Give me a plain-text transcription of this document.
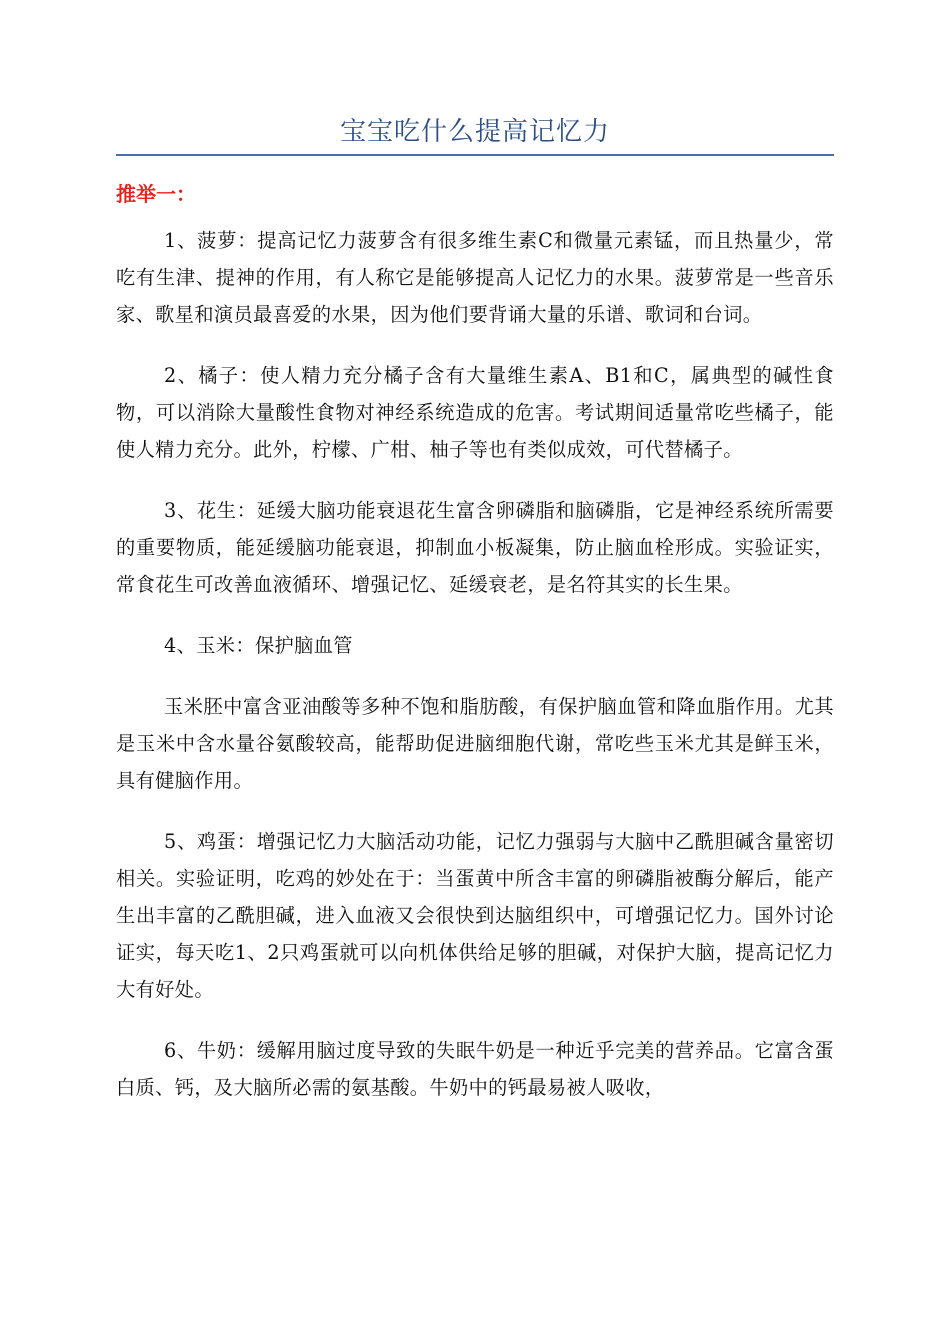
宝宝吃什么提高记忆力
推举一：

1、菠萝：提高记忆力菠萝含有很多维生素C和微量元素锰，而且热量少，常吃有生津、提神的作用，有人称它是能够提高人记忆力的水果。菠萝常是一些音乐家、歌星和演员最喜爱的水果，因为他们要背诵大量的乐谱、歌词和台词。

2、橘子：使人精力充分橘子含有大量维生素A、B1和C，属典型的碱性食物，可以消除大量酸性食物对神经系统造成的危害。考试期间适量常吃些橘子，能使人精力充分。此外，柠檬、广柑、柚子等也有类似成效，可代替橘子。

3、花生：延缓大脑功能衰退花生富含卵磷脂和脑磷脂，它是神经系统所需要的重要物质，能延缓脑功能衰退，抑制血小板凝集，防止脑血栓形成。实验证实，常食花生可改善血液循环、增强记忆、延缓衰老，是名符其实的长生果。

4、玉米：保护脑血管

玉米胚中富含亚油酸等多种不饱和脂肪酸，有保护脑血管和降血脂作用。尤其是玉米中含水量谷氨酸较高，能帮助促进脑细胞代谢，常吃些玉米尤其是鲜玉米，具有健脑作用。

5、鸡蛋：增强记忆力大脑活动功能，记忆力强弱与大脑中乙酰胆碱含量密切相关。实验证明，吃鸡的妙处在于：当蛋黄中所含丰富的卵磷脂被酶分解后，能产生出丰富的乙酰胆碱，进入血液又会很快到达脑组织中，可增强记忆力。国外讨论证实，每天吃1、2只鸡蛋就可以向机体供给足够的胆碱，对保护大脑，提高记忆力大有好处。

6、牛奶：缓解用脑过度导致的失眠牛奶是一种近乎完美的营养品。它富含蛋白质、钙，及大脑所必需的氨基酸。牛奶中的钙最易被人吸收，
